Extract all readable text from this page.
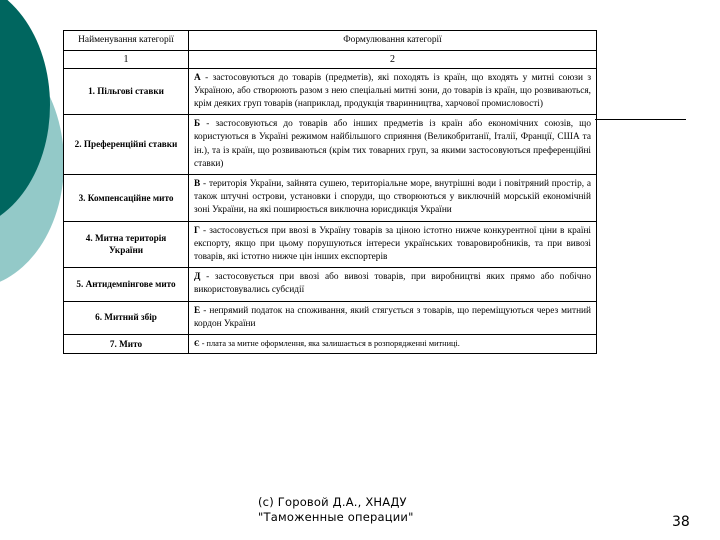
Найменування категорії	Формулювання категорії
1	2
1. Пільгові ставки	А - застосовуються до товарів (предметів), які походять із країн, що входять у митні союзи з Україною, або створюють разом з нею спеціальні митні зони, до товарів із країн, що розвиваються, крім деяких груп товарів (наприклад, продукція тваринництва, харчової промисловості)
2. Преференційні ставки	Б - застосовуються до товарів або інших предметів із країн або економічних союзів, що користуються в Україні режимом найбільшого сприяння (Великобританії, Італії, Франції, США та ін.), та із країн, що розвиваються (крім тих товарних груп, за якими застосовуються преференційні ставки)
3. Компенсаційне мито	В - територія України, зайнята сушею, територіальне море, внутрішні води і повітряний простір, а також штучні острови, установки і споруди, що створюються у виключній морській економічній зоні України, на які поширюється виключна юрисдикція України
4. Митна територія України	Г - застосовується при ввозі в Україну товарів за ціною істотно нижче конкурентної ціни в країні експорту, якщо при цьому порушуються інтереси українських товаровиробників, та при вивозі товарів, які істотно нижче цін інших експортерів
5. Антидемпінгове мито	Д - застосовується при ввозі або вивозі товарів, при виробництві яких прямо або побічно використовувались субсидії
6. Митний збір	Е - непрямий податок на споживання, який стягується з товарів, що переміщуються через митний кордон України
7. Мито	Є - плата за митне оформлення, яка залишається в розпорядженні митниці.
(c) Горовой Д.А., ХНАДУ
"Таможенные операции"	38
